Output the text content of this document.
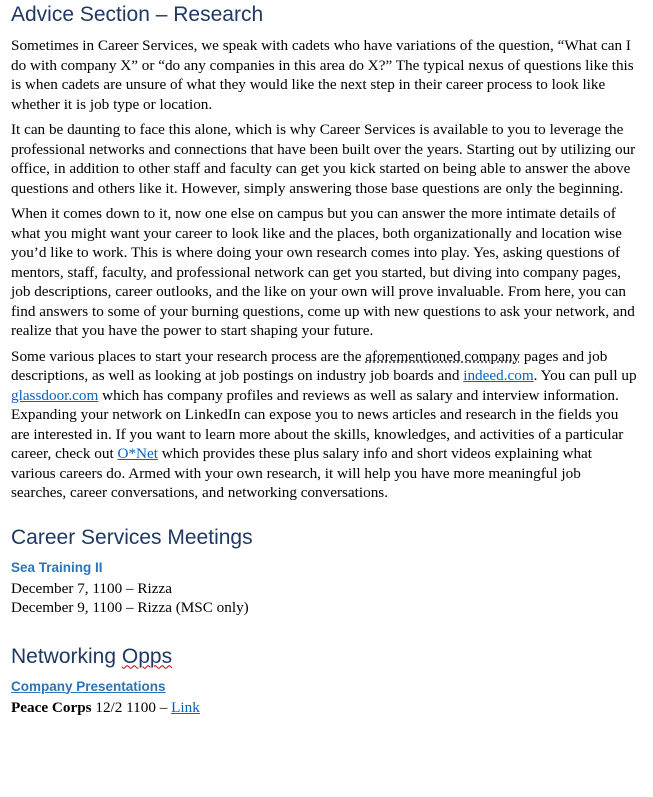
Advice Section – Research

Sometimes in Career Services, we speak with cadets who have variations of the question, “What can I do with company X” or “do any companies in this area do X?” The typical nexus of questions like this is when cadets are unsure of what they would like the next step in their career process to look like whether it is job type or location.

It can be daunting to face this alone, which is why Career Services is available to you to leverage the professional networks and connections that have been built over the years. Starting out by utilizing our office, in addition to other staff and faculty can get you kick started on being able to answer the above questions and others like it. However, simply answering those base questions are only the beginning.

When it comes down to it, now one else on campus but you can answer the more intimate details of what you might want your career to look like and the places, both organizationally and location wise you’d like to work. This is where doing your own research comes into play. Yes, asking questions of mentors, staff, faculty, and professional network can get you started, but diving into company pages, job descriptions, career outlooks, and the like on your own will prove invaluable. From here, you can find answers to some of your burning questions, come up with new questions to ask your network, and realize that you have the power to start shaping your future.

Some various places to start your research process are the aforementioned company pages and job descriptions, as well as looking at job postings on industry job boards and indeed.com. You can pull up glassdoor.com which has company profiles and reviews as well as salary and interview information. Expanding your network on LinkedIn can expose you to news articles and research in the fields you are interested in. If you want to learn more about the skills, knowledges, and activities of a particular career, check out O*Net which provides these plus salary info and short videos explaining what various careers do. Armed with your own research, it will help you have more meaningful job searches, career conversations, and networking conversations.

Career Services Meetings
Sea Training II

December 7, 1100 – Rizza

December 9, 1100 – Rizza (MSC only)

Networking Opps
Company Presentations

Peace Corps 12/2 1100 – Link
